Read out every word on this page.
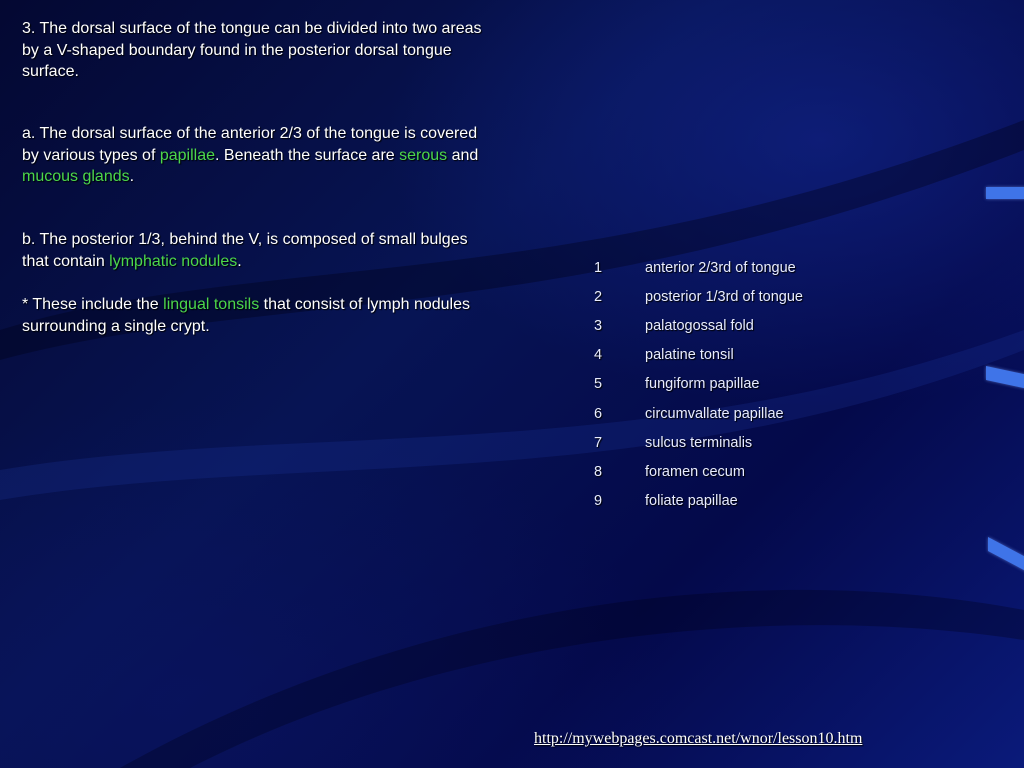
3. The dorsal surface of the tongue can be divided into two areas by a V-shaped boundary found in the posterior dorsal tongue surface.
a. The dorsal surface of the anterior 2/3 of the tongue is covered by various types of papillae. Beneath the surface are serous and mucous glands.
b. The posterior 1/3, behind the V, is composed of small bulges that contain lymphatic nodules.
* These include the lingual tonsils that consist of lymph nodules surrounding a single crypt.
1	anterior 2/3rd of tongue
2	posterior 1/3rd of tongue
3	palatogossal fold
4	palatine tonsil
5	fungiform papillae
6	circumvallate papillae
7	sulcus terminalis
8	foramen cecum
9	foliate papillae
http://mywebpages.comcast.net/wnor/lesson10.htm
